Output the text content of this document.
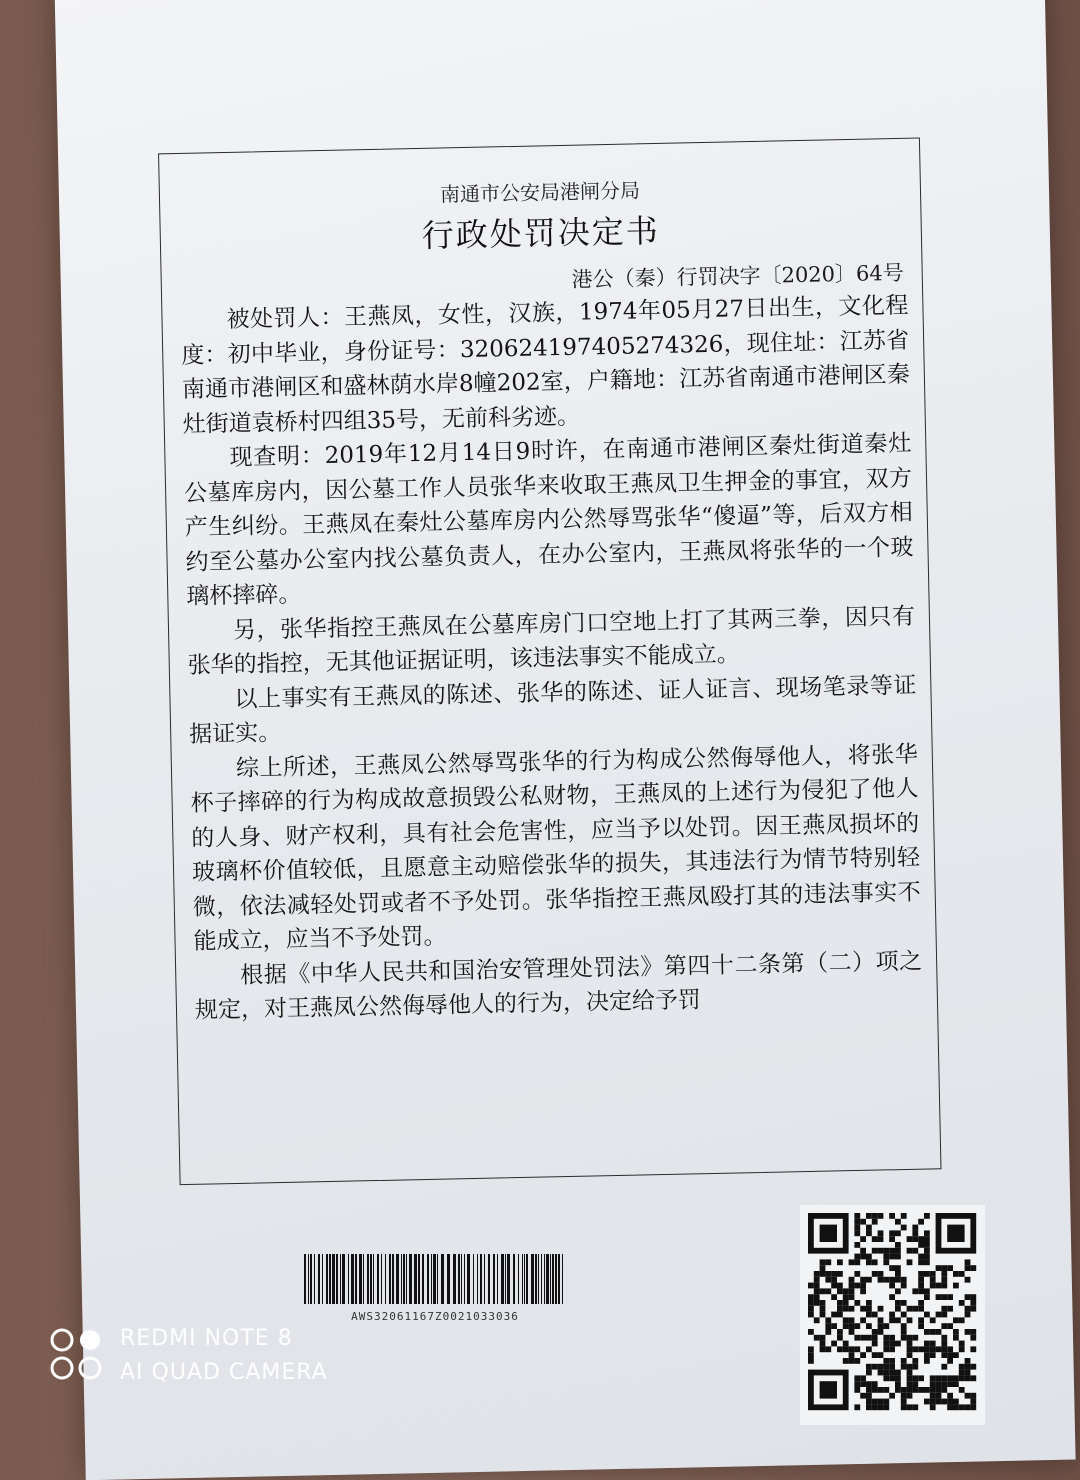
南通市公安局港闸分局
行政处罚决定书
港公（秦）行罚决字〔2020〕64号

被处罚人：王燕凤，女性，汉族，1974年05月27日出生，文化程度：初中毕业，身份证号：320624197405274326，现住址：江苏省南通市港闸区和盛林荫水岸8幢202室，户籍地：江苏省南通市港闸区秦灶街道袁桥村四组35号，无前科劣迹。

现查明：2019年12月14日9时许，在南通市港闸区秦灶街道秦灶公墓库房内，因公墓工作人员张华来收取王燕凤卫生押金的事宜，双方产生纠纷。王燕凤在秦灶公墓库房内公然辱骂张华“傻逼”等，后双方相约至公墓办公室内找公墓负责人，在办公室内，王燕凤将张华的一个玻璃杯摔碎。

另，张华指控王燕凤在公墓库房门口空地上打了其两三拳，因只有张华的指控，无其他证据证明，该违法事实不能成立。

以上事实有王燕凤的陈述、张华的陈述、证人证言、现场笔录等证据证实。

综上所述，王燕凤公然辱骂张华的行为构成公然侮辱他人，将张华杯子摔碎的行为构成故意损毁公私财物，王燕凤的上述行为侵犯了他人的人身、财产权利，具有社会危害性，应当予以处罚。因王燕凤损坏的玻璃杯价值较低，且愿意主动赔偿张华的损失，其违法行为情节特别轻微，依法减轻处罚或者不予处罚。张华指控王燕凤殴打其的违法事实不能成立，应当不予处罚。

根据《中华人民共和国治安管理处罚法》第四十二条第（二）项之规定，对王燕凤公然侮辱他人的行为，决定给予罚

AWS32061167Z0021033036
REDMI NOTE 8
AI QUAD CAMERA
